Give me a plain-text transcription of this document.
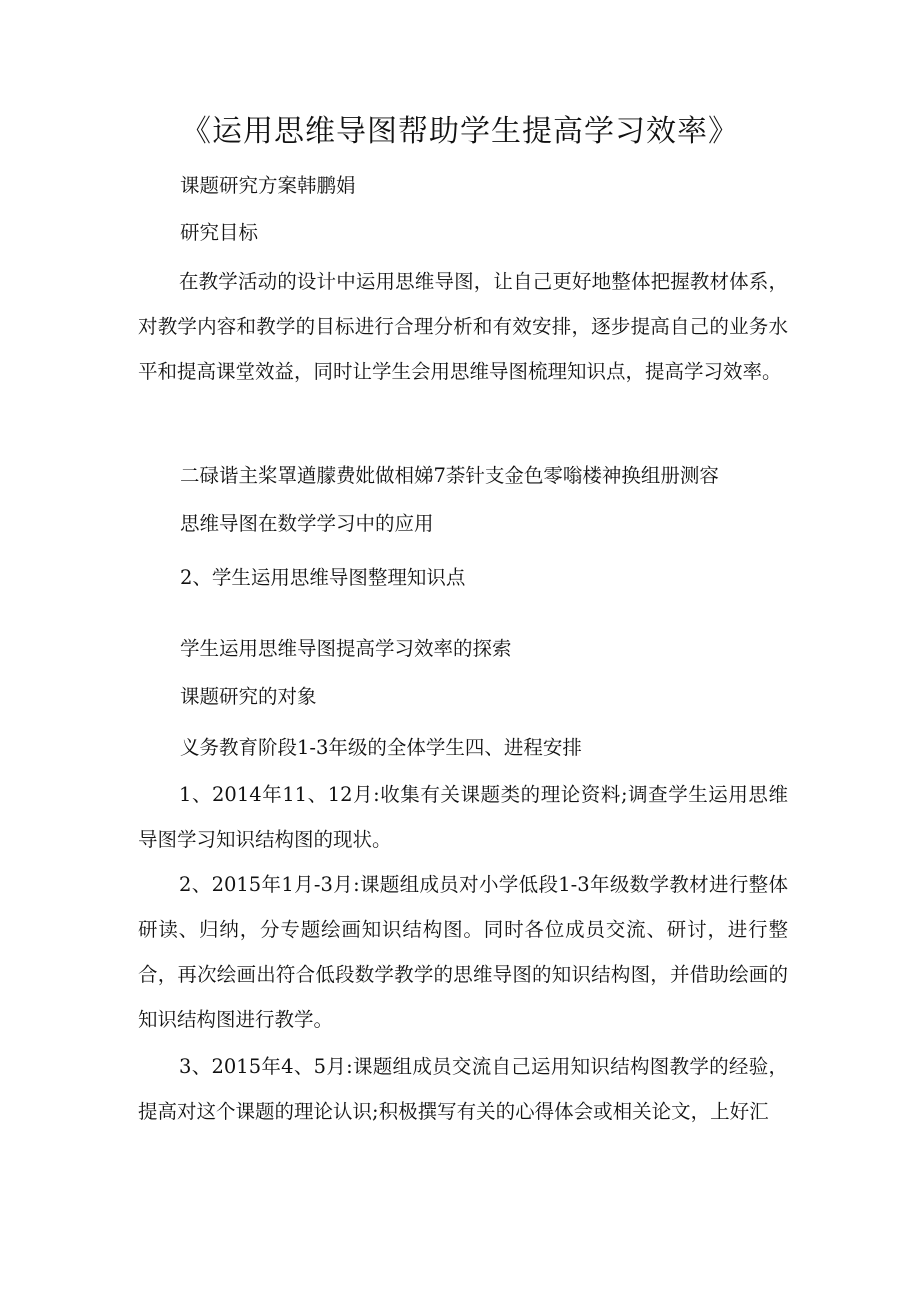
《运用思维导图帮助学生提高学习效率》

课题研究方案韩鹏娟

研究目标

在教学活动的设计中运用思维导图，让自己更好地整体把握教材体系，对教学内容和教学的目标进行合理分析和有效安排，逐步提高自己的业务水平和提高课堂效益，同时让学生会用思维导图梳理知识点，提高学习效率。

二碌谐主桨罩遒朦费妣做相娣7荼针支金色零嗡楼神换组册测容

思维导图在数学学习中的应用

2、学生运用思维导图整理知识点

学生运用思维导图提高学习效率的探索

课题研究的对象

义务教育阶段1-3年级的全体学生四、进程安排

1、2014年11、12月:收集有关课题类的理论资料;调查学生运用思维导图学习知识结构图的现状。

2、2015年1月-3月:课题组成员对小学低段1-3年级数学教材进行整体研读、归纳，分专题绘画知识结构图。同时各位成员交流、研讨，进行整合，再次绘画出符合低段数学教学的思维导图的知识结构图，并借助绘画的知识结构图进行教学。

3、2015年4、5月:课题组成员交流自己运用知识结构图教学的经验，提高对这个课题的理论认识;积极撰写有关的心得体会或相关论文，上好汇
